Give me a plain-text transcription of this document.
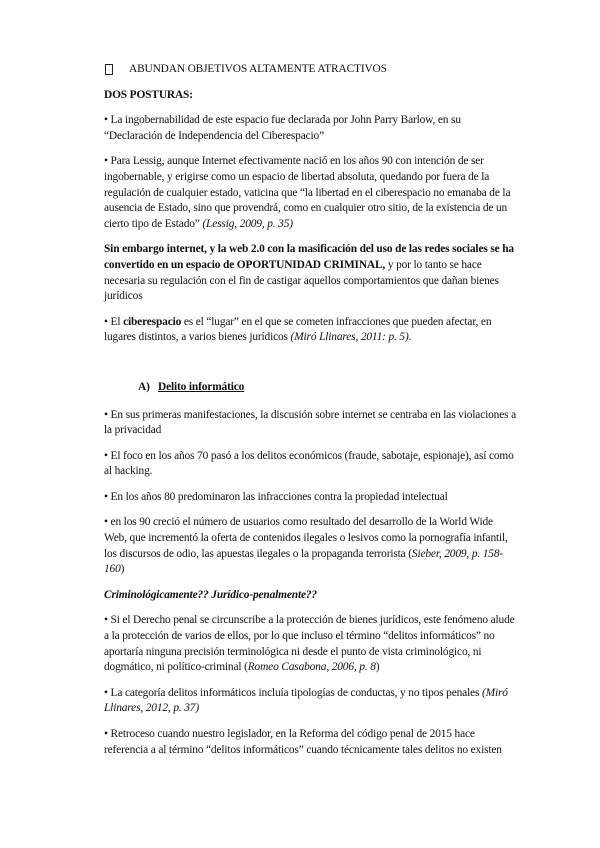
ABUNDAN OBJETIVOS ALTAMENTE ATRACTIVOS

DOS POSTURAS:

• La ingobernabilidad de este espacio fue declarada por John Parry Barlow, en su “Declaración de Independencia del Ciberespacio”

• Para Lessig, aunque Internet efectivamente nació en los años 90 con intención de ser ingobernable, y erigirse como un espacio de libertad absoluta, quedando por fuera de la regulación de cualquier estado, vaticina que “la libertad en el ciberespacio no emanaba de la ausencia de Estado, sino que provendrá, como en cualquier otro sitio, de la existencia de un cierto tipo de Estado” (Lessig, 2009, p. 35)

Sin embargo internet, y la web 2.0 con la masificación del uso de las redes sociales se ha convertido en un espacio de OPORTUNIDAD CRIMINAL, y por lo tanto se hace necesaria su regulación con el fin de castigar aquellos comportamientos que dañan bienes jurídicos

• El ciberespacio es el “lugar” en el que se cometen infracciones que pueden afectar, en lugares distintos, a varios bienes jurídicos (Miró Llinares, 2011: p. 5).

A) Delito informático

• En sus primeras manifestaciones, la discusión sobre internet se centraba en las violaciones a la privacidad

• El foco en los años 70 pasó a los delitos económicos (fraude, sabotaje, espionaje), así como al hacking.

• En los años 80 predominaron las infracciones contra la propiedad intelectual

• en los 90 creció el número de usuarios como resultado del desarrollo de la World Wide Web, que incrementó la oferta de contenidos ilegales o lesivos como la pornografía infantil, los discursos de odio, las apuestas ilegales o la propaganda terrorista (Sieber, 2009, p. 158-160)

Criminológicamente?? Jurídico-penalmente??

• Si el Derecho penal se circunscribe a la protección de bienes jurídicos, este fenómeno alude a la protección de varios de ellos, por lo que incluso el término “delitos informáticos” no aportaría ninguna precisión terminológica ni desde el punto de vista criminológico, ni dogmático, ni político-criminal (Romeo Casabona, 2006, p. 8)

• La categoría delitos informáticos incluía tipologías de conductas, y no tipos penales (Miró Llinares, 2012, p. 37)

• Retroceso cuando nuestro legislador, en la Reforma del código penal de 2015 hace referencia a al término “delitos informáticos” cuando técnicamente tales delitos no existen
